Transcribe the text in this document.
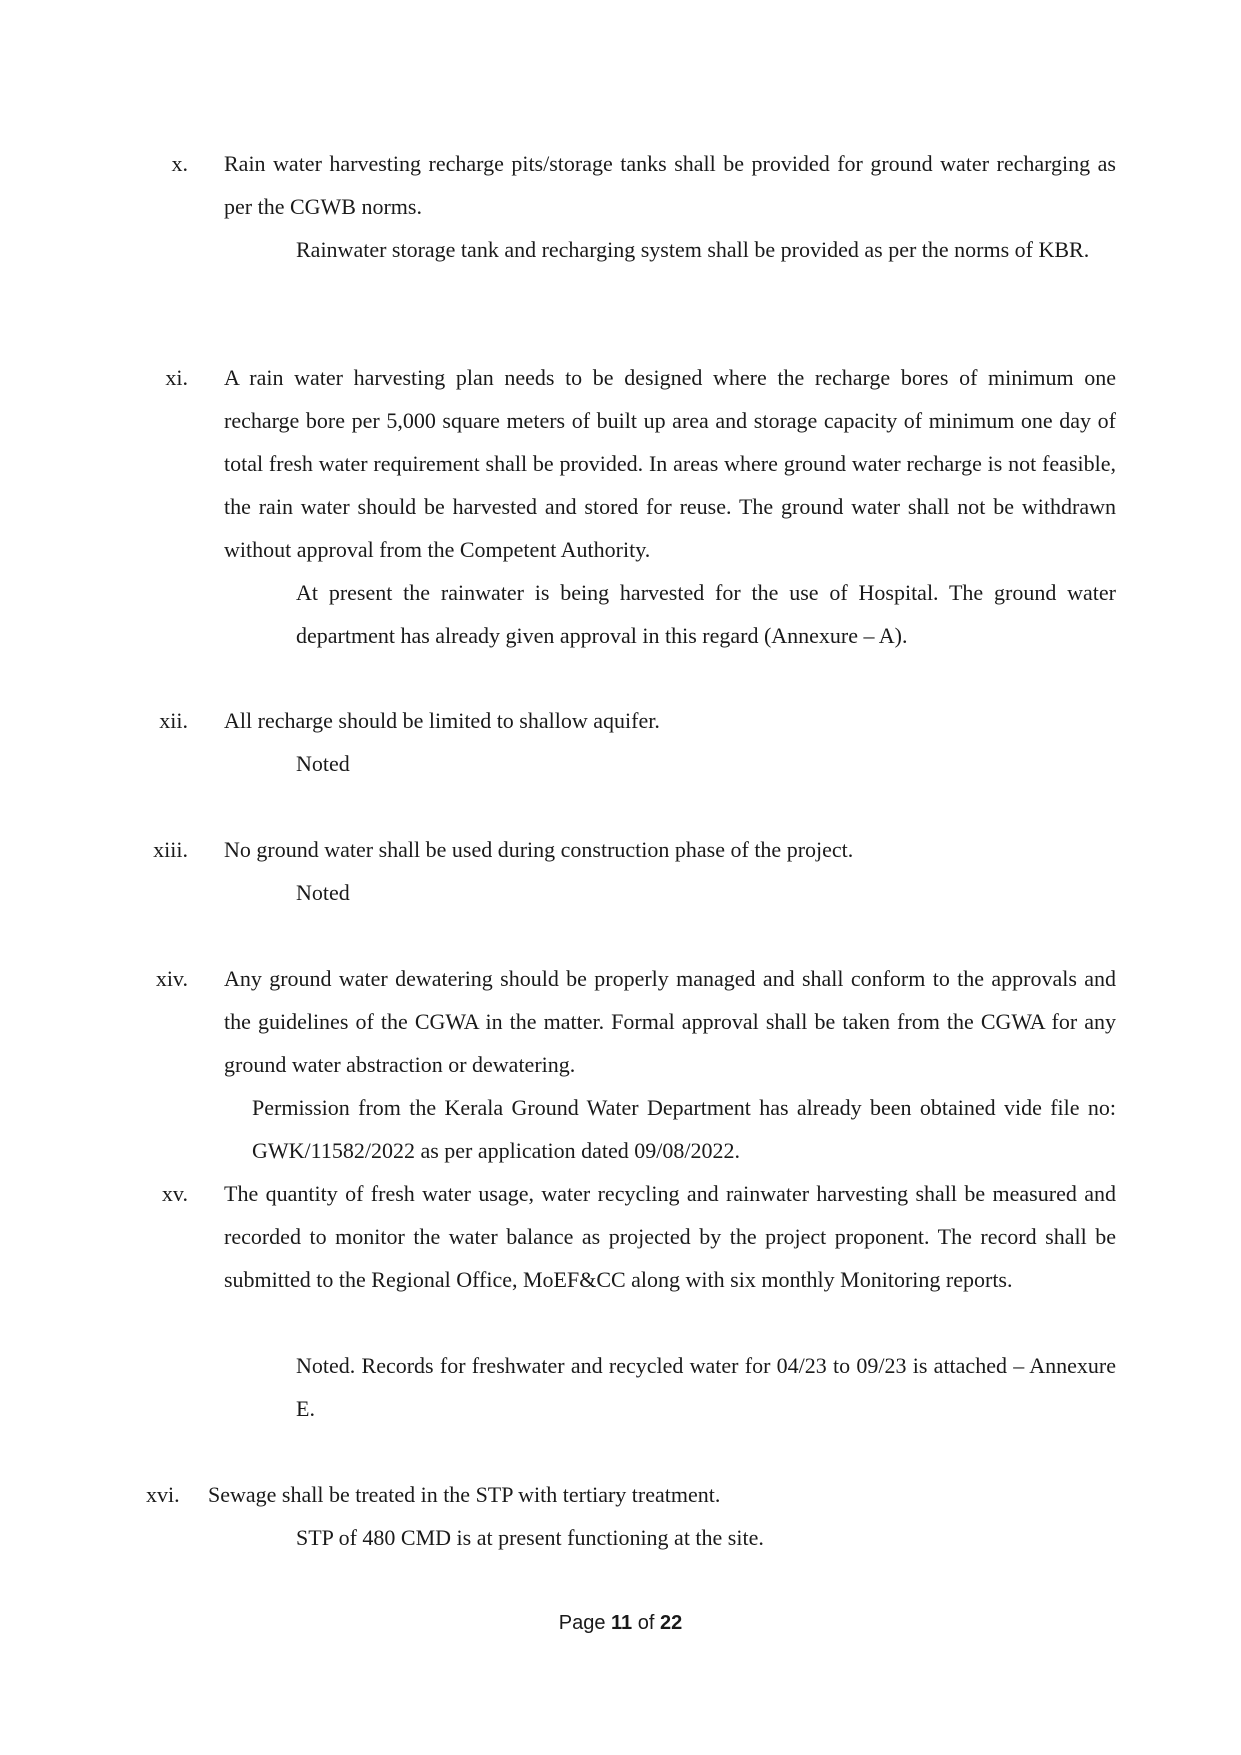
x. Rain water harvesting recharge pits/storage tanks shall be provided for ground water recharging as per the CGWB norms.
Rainwater storage tank and recharging system shall be provided as per the norms of KBR.
xi. A rain water harvesting plan needs to be designed where the recharge bores of minimum one recharge bore per 5,000 square meters of built up area and storage capacity of minimum one day of total fresh water requirement shall be provided. In areas where ground water recharge is not feasible, the rain water should be harvested and stored for reuse. The ground water shall not be withdrawn without approval from the Competent Authority.
At present the rainwater is being harvested for the use of Hospital. The ground water department has already given approval in this regard (Annexure – A).
xii. All recharge should be limited to shallow aquifer.
Noted
xiii. No ground water shall be used during construction phase of the project.
Noted
xiv. Any ground water dewatering should be properly managed and shall conform to the approvals and the guidelines of the CGWA in the matter. Formal approval shall be taken from the CGWA for any ground water abstraction or dewatering.
Permission from the Kerala Ground Water Department has already been obtained vide file no: GWK/11582/2022 as per application dated 09/08/2022.
xv. The quantity of fresh water usage, water recycling and rainwater harvesting shall be measured and recorded to monitor the water balance as projected by the project proponent. The record shall be submitted to the Regional Office, MoEF&CC along with six monthly Monitoring reports.
Noted. Records for freshwater and recycled water for 04/23 to 09/23 is attached – Annexure E.
xvi. Sewage shall be treated in the STP with tertiary treatment.
STP of 480 CMD is at present functioning at the site.
Page 11 of 22
